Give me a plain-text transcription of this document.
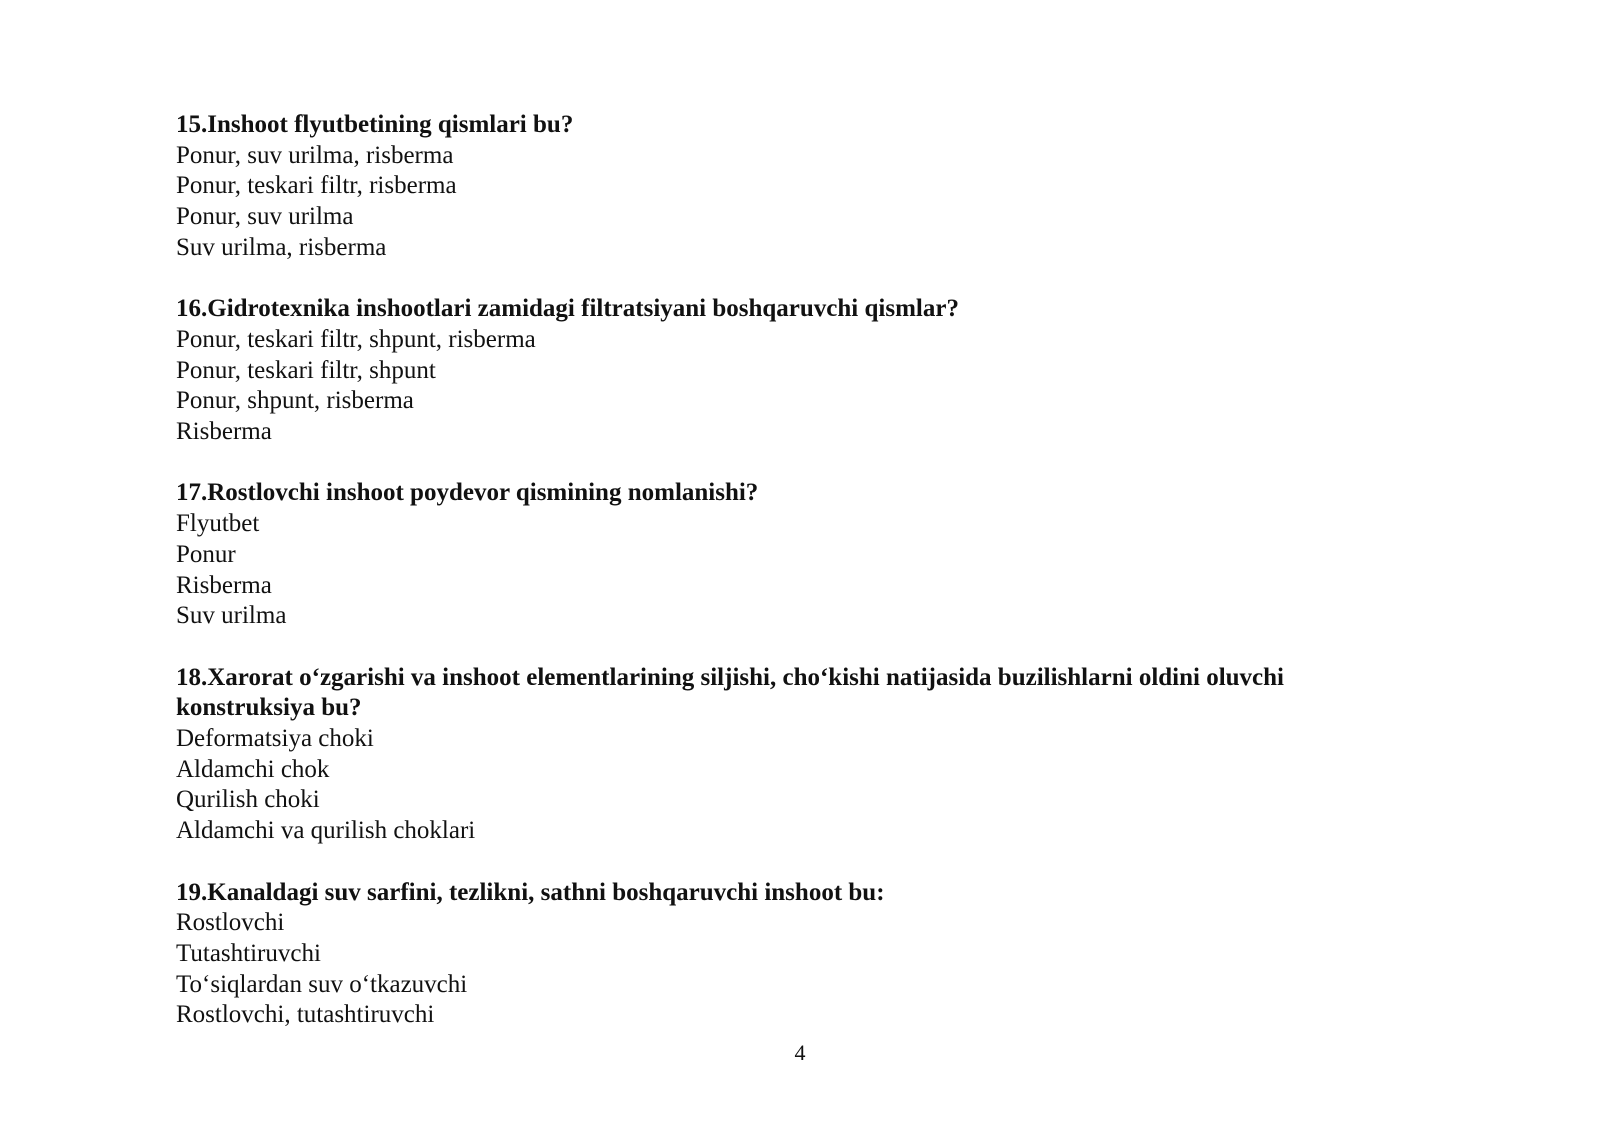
15.Inshoot flyutbetining qismlari bu?
Ponur, suv urilma, risberma
Ponur, teskari filtr, risberma
Ponur, suv urilma
Suv urilma, risberma
16.Gidrotexnika inshootlari zamidagi filtratsiyani boshqaruvchi qismlar?
Ponur, teskari filtr, shpunt, risberma
Ponur, teskari filtr, shpunt
Ponur, shpunt, risberma
Risberma
17.Rostlovchi inshoot poydevor qismining nomlanishi?
Flyutbet
Ponur
Risberma
Suv urilma
18.Xarorat o‘zgarishi va inshoot elementlarining siljishi, cho‘kishi natijasida buzilishlarni oldini oluvchi konstruksiya bu?
Deformatsiya choki
Aldamchi chok
Qurilish choki
Aldamchi va qurilish choklari
19.Kanaldagi suv sarfini, tezlikni, sathni boshqaruvchi inshoot bu:
Rostlovchi
Tutashtiruvchi
To‘siqlardan suv o‘tkazuvchi
Rostlovchi, tutashtiruvchi
4
